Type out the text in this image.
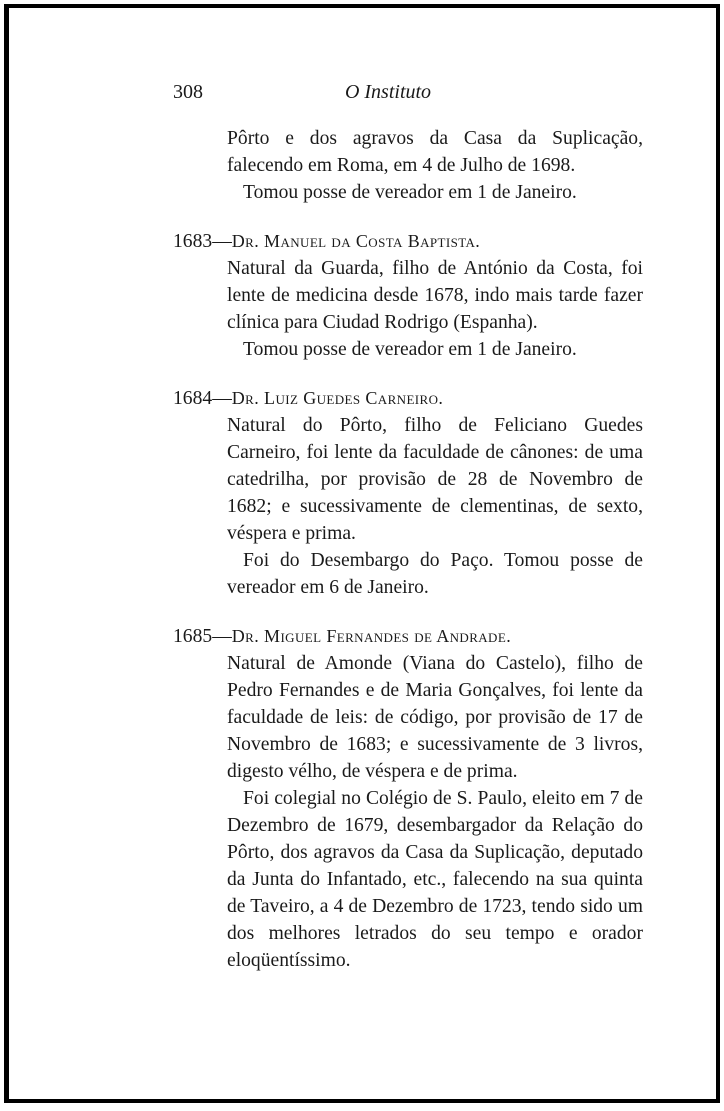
308	O Instituto

Pôrto e dos agravos da Casa da Suplicação, falecendo em Roma, em 4 de Julho de 1698.

Tomou posse de vereador em 1 de Janeiro.

1683—Dr. Manuel da Costa Baptista.

Natural da Guarda, filho de António da Costa, foi lente de medicina desde 1678, indo mais tarde fazer clínica para Ciudad Rodrigo (Espanha).

Tomou posse de vereador em 1 de Janeiro.

1684—Dr. Luiz Guedes Carneiro.

Natural do Pôrto, filho de Feliciano Guedes Carneiro, foi lente da faculdade de cânones: de uma catedrilha, por provisão de 28 de Novembro de 1682; e sucessivamente de clementinas, de sexto, véspera e prima.

Foi do Desembargo do Paço. Tomou posse de vereador em 6 de Janeiro.

1685—Dr. Miguel Fernandes de Andrade.

Natural de Amonde (Viana do Castelo), filho de Pedro Fernandes e de Maria Gonçalves, foi lente da faculdade de leis: de código, por provisão de 17 de Novembro de 1683; e sucessivamente de 3 livros, digesto vélho, de véspera e de prima.

Foi colegial no Colégio de S. Paulo, eleito em 7 de Dezembro de 1679, desembargador da Relação do Pôrto, dos agravos da Casa da Suplicação, deputado da Junta do Infantado, etc., falecendo na sua quinta de Taveiro, a 4 de Dezembro de 1723, tendo sido um dos melhores letrados do seu tempo e orador eloqüentíssimo.
